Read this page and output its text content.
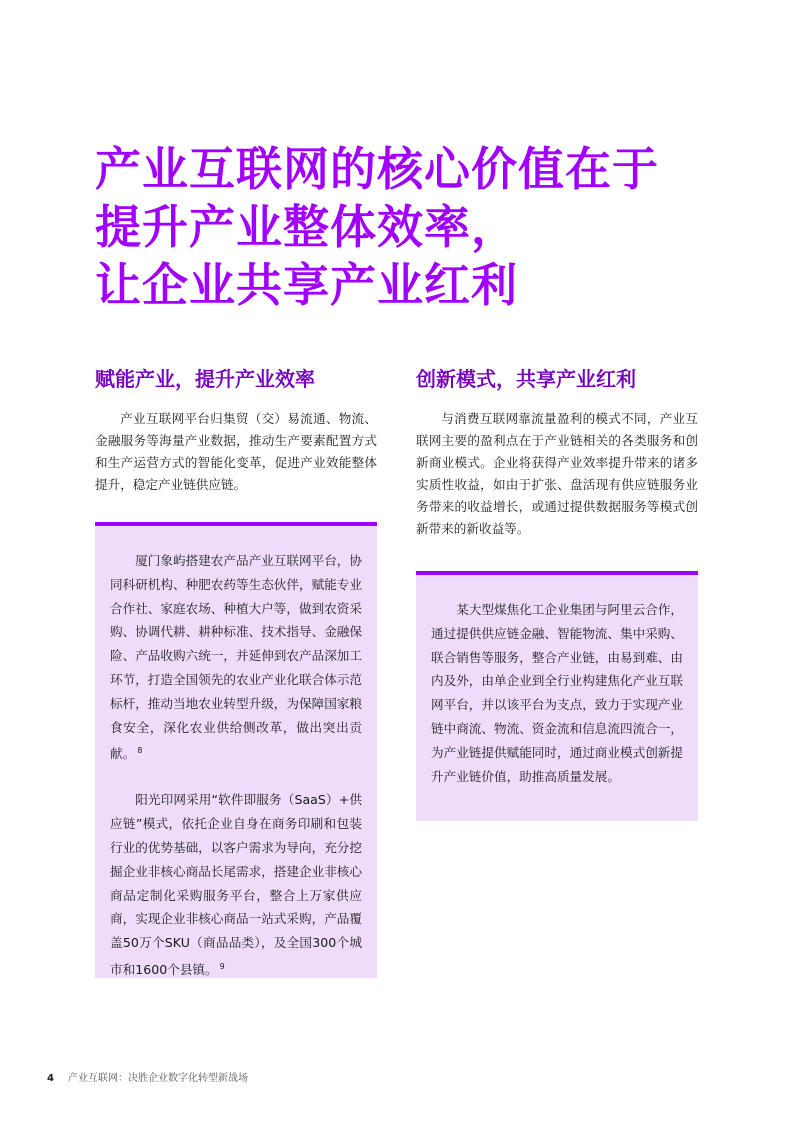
产业互联网的核心价值在于
提升产业整体效率，
让企业共享产业红利
赋能产业，提升产业效率

产业互联网平台归集贸（交）易流通、物流、金融服务等海量产业数据，推动生产要素配置方式和生产运营方式的智能化变革，促进产业效能整体提升，稳定产业链供应链。

厦门象屿搭建农产品产业互联网平台，协同科研机构、种肥农药等生态伙伴，赋能专业合作社、家庭农场、种植大户等，做到农资采购、协调代耕、耕种标准、技术指导、金融保险、产品收购六统一，并延伸到农产品深加工环节，打造全国领先的农业产业化联合体示范标杆，推动当地农业转型升级，为保障国家粮食安全，深化农业供给侧改革，做出突出贡献。 $^8$

阳光印网采用“软件即服务（SaaS）+供应链”模式，依托企业自身在商务印刷和包装行业的优势基础，以客户需求为导向，充分挖掘企业非核心商品长尾需求，搭建企业非核心商品定制化采购服务平台，整合上万家供应商，实现企业非核心商品一站式采购，产品覆盖50万个SKU（商品品类），及全国300个城市和1600个县镇。 $^9$

创新模式，共享产业红利

与消费互联网靠流量盈利的模式不同，产业互联网主要的盈利点在于产业链相关的各类服务和创新商业模式。企业将获得产业效率提升带来的诸多实质性收益，如由于扩张、盘活现有供应链服务业务带来的收益增长，或通过提供数据服务等模式创新带来的新收益等。

某大型煤焦化工企业集团与阿里云合作，通过提供供应链金融、智能物流、集中采购、联合销售等服务，整合产业链，由易到难、由内及外，由单企业到全行业构建焦化产业互联网平台，并以该平台为支点，致力于实现产业链中商流、物流、资金流和信息流四流合一，为产业链提供赋能同时，通过商业模式创新提升产业链价值，助推高质量发展。

4 产业互联网：决胜企业数字化转型新战场
